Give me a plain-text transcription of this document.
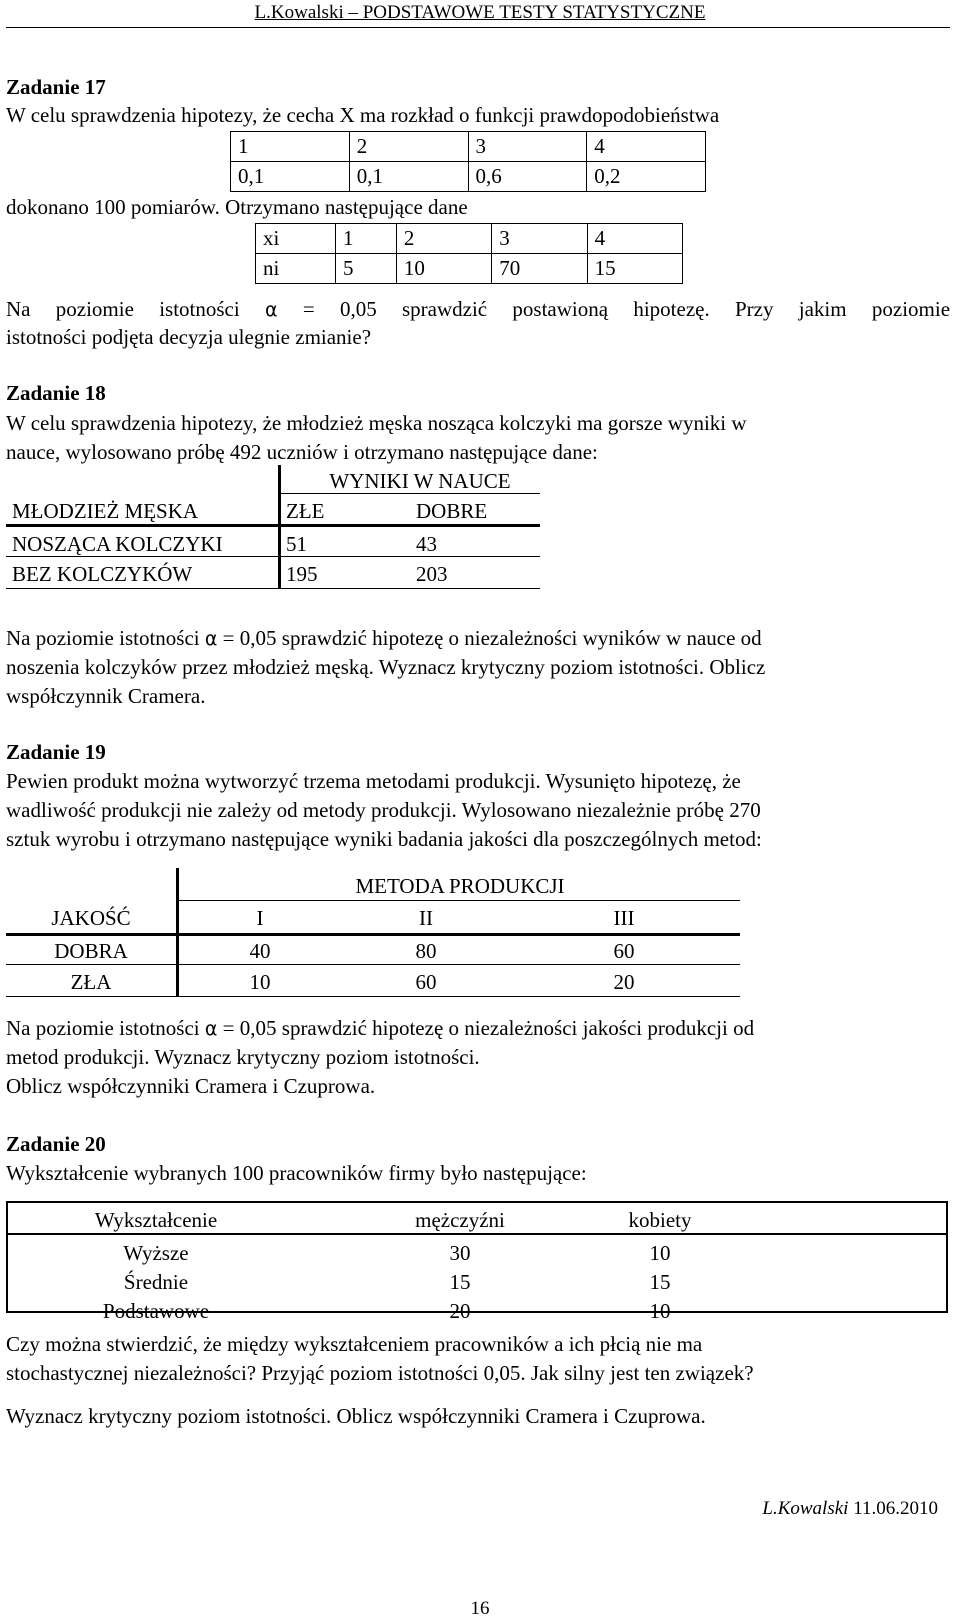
L.Kowalski – PODSTAWOWE TESTY STATYSTYCZNE
Zadanie 17
W celu sprawdzenia hipotezy, że cecha X ma rozkład o funkcji prawdopodobieństwa
1	2	3	4
0,1	0,1	0,6	0,2
dokonano 100 pomiarów. Otrzymano następujące dane
xi	1	2	3	4
ni	5	10	70	15
Na poziomie istotności α = 0,05 sprawdzić postawioną hipotezę. Przy jakim poziomie
istotności podjęta decyzja ulegnie zmianie?
Zadanie 18
W celu sprawdzenia hipotezy, że młodzież męska nosząca kolczyki ma gorsze wyniki w
nauce, wylosowano próbę 492 uczniów i otrzymano następujące dane:
WYNIKI W NAUCE
MŁODZIEŻ MĘSKA	ZŁE	DOBRE
NOSZĄCA KOLCZYKI	51	43
BEZ KOLCZYKÓW	195	203
Na poziomie istotności α = 0,05 sprawdzić hipotezę o niezależności wyników w nauce od
noszenia kolczyków przez młodzież męską. Wyznacz krytyczny poziom istotności. Oblicz
współczynnik Cramera.
Zadanie 19
Pewien produkt można wytworzyć trzema metodami produkcji. Wysunięto hipotezę, że
wadliwość produkcji nie zależy od metody produkcji. Wylosowano niezależnie próbę 270
sztuk wyrobu i otrzymano następujące wyniki badania jakości dla poszczególnych metod:
METODA PRODUKCJI
JAKOŚĆ	I	II	III
DOBRA	40	80	60
ZŁA	10	60	20
Na poziomie istotności α = 0,05 sprawdzić hipotezę o niezależności jakości produkcji od
metod produkcji. Wyznacz krytyczny poziom istotności.
Oblicz współczynniki Cramera i Czuprowa.
Zadanie 20
Wykształcenie wybranych 100 pracowników firmy było następujące:
Wykształcenie	mężczyźni	kobiety
Wyższe	30	10
Średnie	15	15
Podstawowe	20	10
Czy można stwierdzić, że między wykształceniem pracowników a ich płcią nie ma
stochastycznej niezależności? Przyjąć poziom istotności 0,05. Jak silny jest ten związek?
Wyznacz krytyczny poziom istotności. Oblicz współczynniki Cramera i Czuprowa.
L.Kowalski 11.06.2010
16
